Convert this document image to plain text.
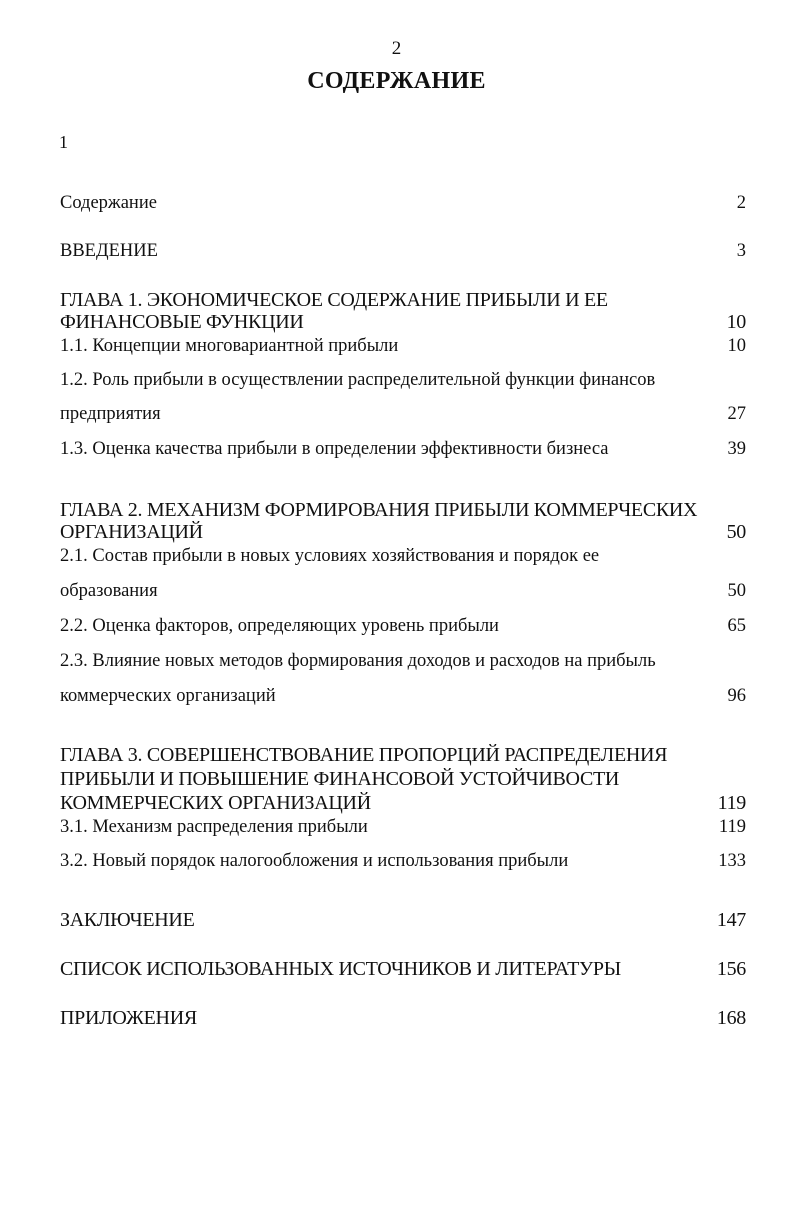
2
СОДЕРЖАНИЕ
1
Содержание	2
ВВЕДЕНИЕ	3
ГЛАВА 1. ЭКОНОМИЧЕСКОЕ СОДЕРЖАНИЕ ПРИБЫЛИ И ЕЕ
ФИНАНСОВЫЕ ФУНКЦИИ	10
1.1. Концепции многовариантной прибыли	10
1.2. Роль прибыли в осуществлении распределительной функции финансов
предприятия	27
1.3. Оценка качества прибыли в определении эффективности бизнеса	39
ГЛАВА 2. МЕХАНИЗМ ФОРМИРОВАНИЯ ПРИБЫЛИ КОММЕРЧЕСКИХ
ОРГАНИЗАЦИЙ	50
2.1. Состав прибыли в новых условиях хозяйствования и порядок ее
образования	50
2.2. Оценка факторов, определяющих уровень прибыли	65
2.3. Влияние новых методов формирования доходов и расходов на прибыль
коммерческих организаций	96
ГЛАВА 3. СОВЕРШЕНСТВОВАНИЕ ПРОПОРЦИЙ РАСПРЕДЕЛЕНИЯ
ПРИБЫЛИ И ПОВЫШЕНИЕ ФИНАНСОВОЙ УСТОЙЧИВОСТИ
КОММЕРЧЕСКИХ ОРГАНИЗАЦИЙ	119
3.1. Механизм распределения прибыли	119
3.2. Новый порядок налогообложения и использования прибыли	133
ЗАКЛЮЧЕНИЕ	147
СПИСОК ИСПОЛЬЗОВАННЫХ ИСТОЧНИКОВ И ЛИТЕРАТУРЫ	156
ПРИЛОЖЕНИЯ	168
